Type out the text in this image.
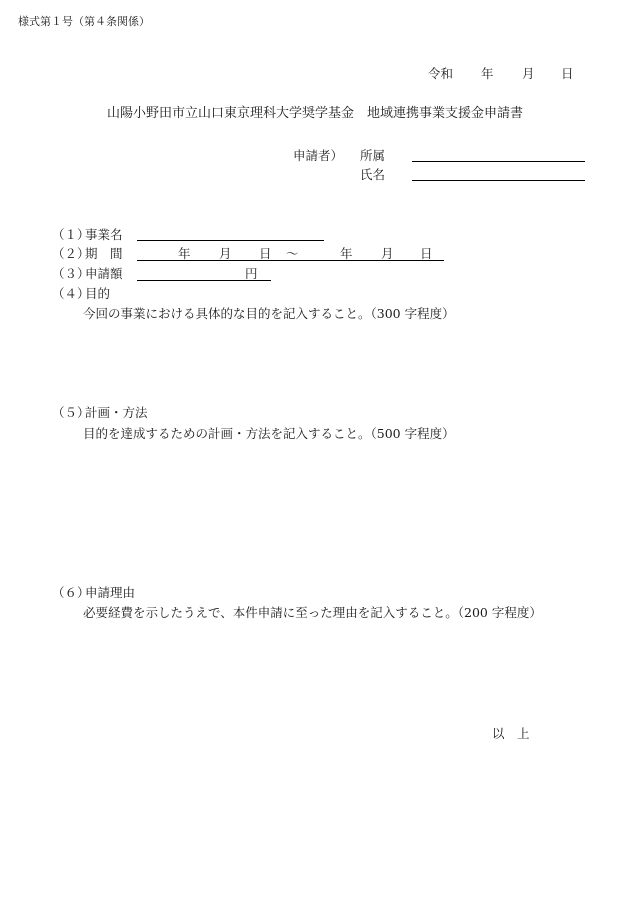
様式第１号（第４条関係）
令和 年 月 日
山陽小野田市立山口東京理科大学奨学基金　地域連携事業支援金申請書
申請者） 所属
氏名
（１）
事業名
（２）
期　間	年 月 日 ～	年 月 日
（３）
申請額	円
（４）
目的
今回の事業における具体的な目的を記入すること。（300 字程度）
（５）
計画・方法
目的を達成するための計画・方法を記入すること。（500 字程度）
（６）
申請理由
必要経費を示したうえで、本件申請に至った理由を記入すること。（200 字程度）
以　上
